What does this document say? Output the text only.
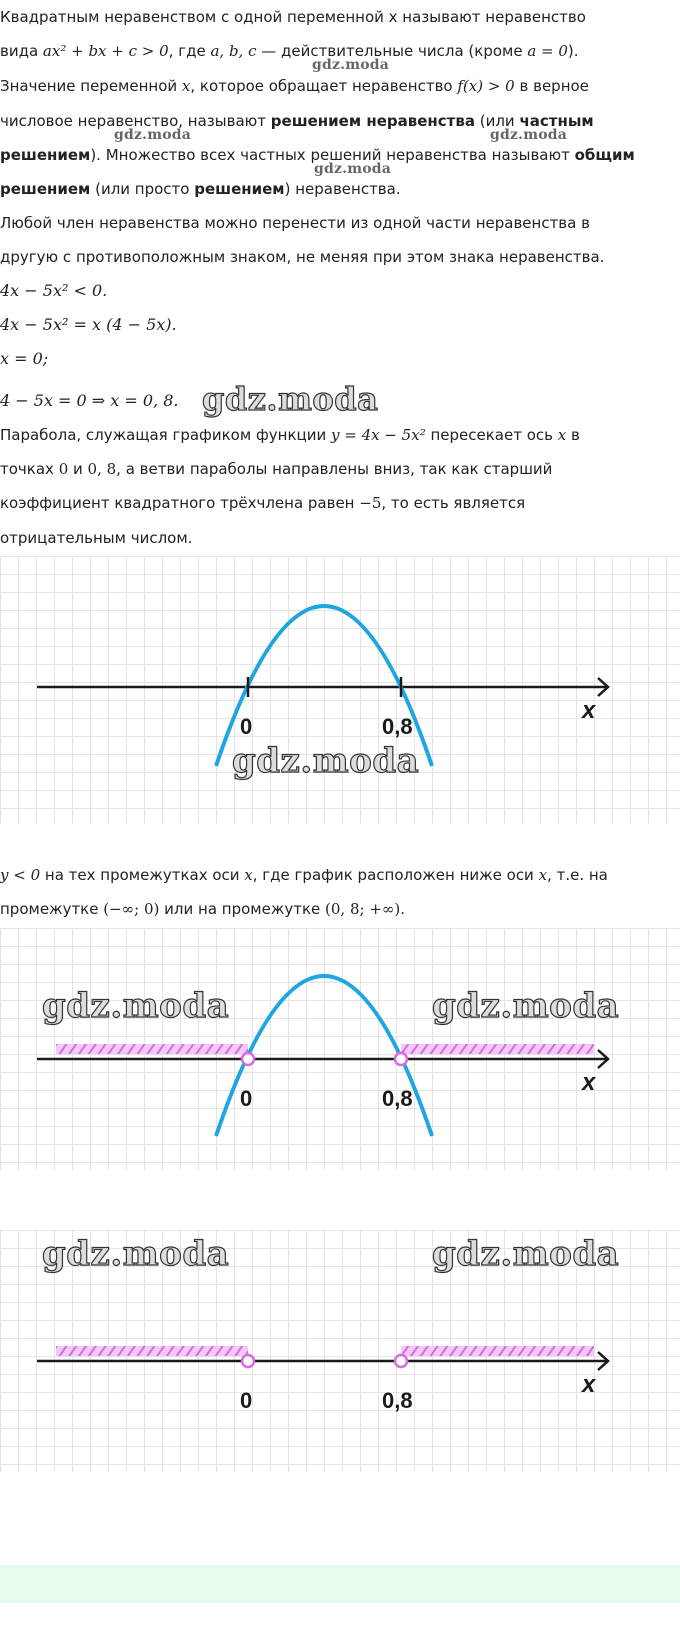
Квадратным неравенством с одной переменной x называют неравенство
вида ax² + bx + c > 0, где a, b, c — действительные числа (кроме a = 0).
gdz.moda
Значение переменной x, которое обращает неравенство f(x) > 0 в верное
числовое неравенство, называют решением неравенства (или частным
gdz.moda	gdz.moda
решением). Множество всех частных решений неравенства называют общим
gdz.moda
решением (или просто решением) неравенства.
Любой член неравенства можно перенести из одной части неравенства в
другую с противоположным знаком, не меняя при этом знака неравенства.
4x − 5x² < 0.
4x − 5x² = x (4 − 5x).
x = 0;
4 − 5x = 0 ⇒ x = 0, 8. gdz.moda
Парабола, служащая графиком функции y = 4x − 5x² пересекает ось x в
точках 0 и 0, 8, а ветви параболы направлены вниз, так как старший
коэффициент квадратного трёхчлена равен −5, то есть является
отрицательным числом.
0	0,8
x
gdz.moda
y < 0 на тех промежутках оси x, где график расположен ниже оси x, т.е. на
промежутке (−∞; 0) или на промежутке (0, 8; +∞).
0	0,8
x
gdz.moda	gdz.moda
0	0,8
x
gdz.moda	gdz.moda
